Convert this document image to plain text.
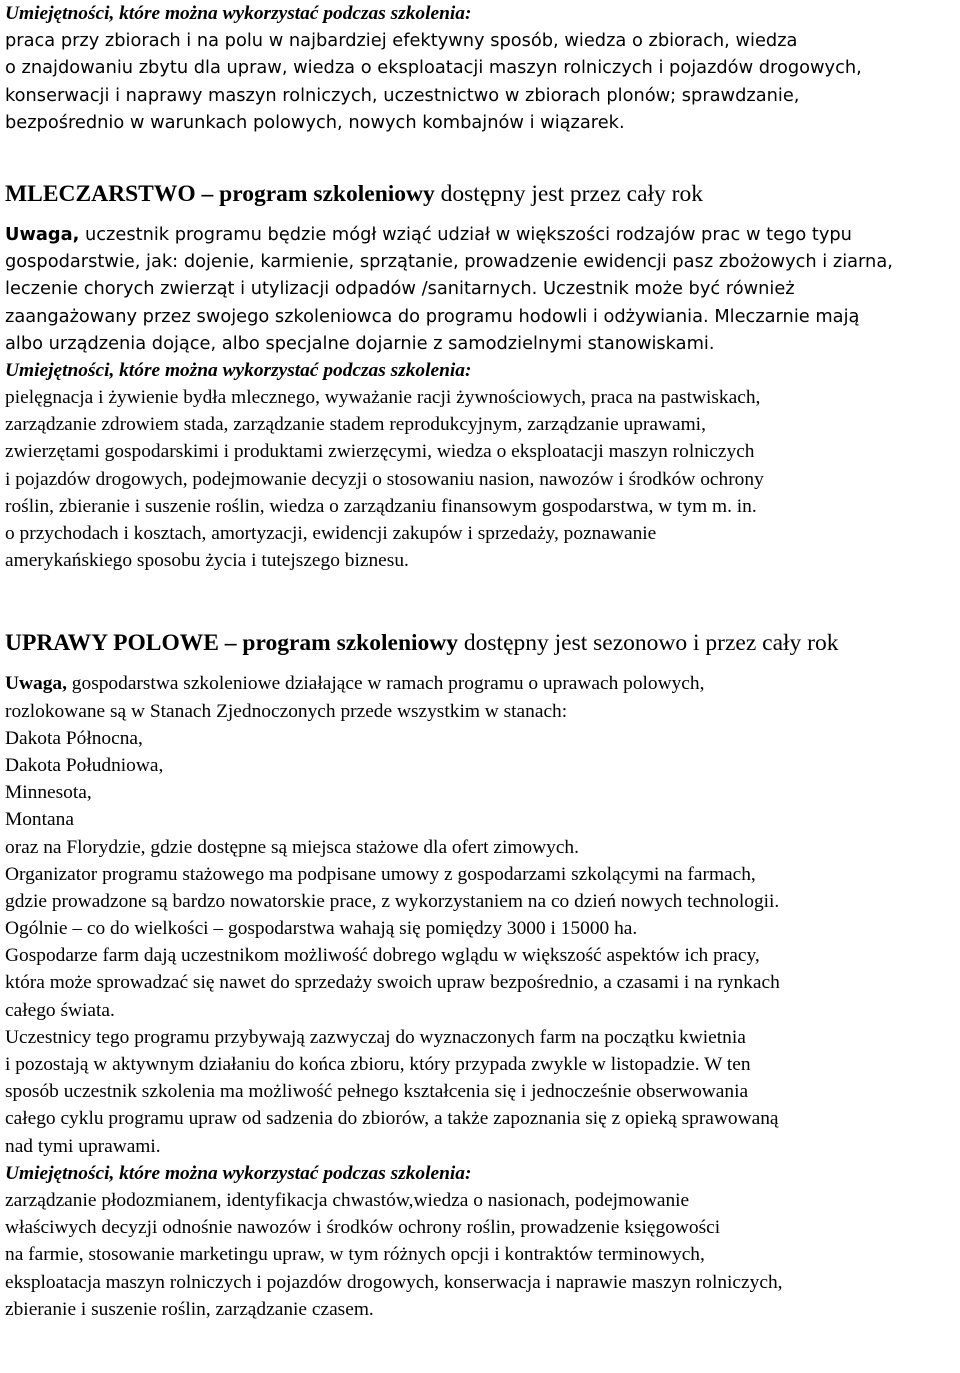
Umiejętności, które można wykorzystać podczas szkolenia:
praca przy zbiorach i na polu w najbardziej efektywny sposób, wiedza o zbiorach, wiedza
o znajdowaniu zbytu dla upraw, wiedza o eksploatacji maszyn rolniczych i pojazdów drogowych,
konserwacji i naprawy maszyn rolniczych, uczestnictwo w zbiorach plonów; sprawdzanie,
bezpośrednio w warunkach polowych, nowych kombajnów i wiązarek.
MLECZARSTWO – program szkoleniowy dostępny jest przez cały rok
Uwaga, uczestnik programu będzie mógł wziąć udział w większości rodzajów prac w tego typu
gospodarstwie, jak: dojenie, karmienie, sprzątanie, prowadzenie ewidencji pasz zbożowych i ziarna,
leczenie chorych zwierząt i utylizacji odpadów /sanitarnych. Uczestnik może być również
zaangażowany przez swojego szkoleniowca do programu hodowli i odżywiania. Mleczarnie mają
albo urządzenia dojące, albo specjalne dojarnie z samodzielnymi stanowiskami.
Umiejętności, które można wykorzystać podczas szkolenia:
pielęgnacja i żywienie bydła mlecznego, wyważanie racji żywnościowych, praca na pastwiskach,
zarządzanie zdrowiem stada, zarządzanie stadem reprodukcyjnym, zarządzanie uprawami,
zwierzętami gospodarskimi i produktami zwierzęcymi, wiedza o eksploatacji maszyn rolniczych
i pojazdów drogowych, podejmowanie decyzji o stosowaniu nasion, nawozów i środków ochrony
roślin, zbieranie i suszenie roślin, wiedza o zarządzaniu finansowym gospodarstwa, w tym m. in.
o przychodach i kosztach, amortyzacji, ewidencji zakupów i sprzedaży, poznawanie
amerykańskiego sposobu życia i tutejszego biznesu.
UPRAWY POLOWE – program szkoleniowy dostępny jest sezonowo i przez cały rok
Uwaga, gospodarstwa szkoleniowe działające w ramach programu o uprawach polowych,
rozlokowane są w Stanach Zjednoczonych przede wszystkim w stanach:
Dakota Północna,
Dakota Południowa,
Minnesota,
Montana
oraz na Florydzie, gdzie dostępne są miejsca stażowe dla ofert zimowych.
Organizator programu stażowego ma podpisane umowy z gospodarzami szkolącymi na farmach,
gdzie prowadzone są bardzo nowatorskie prace, z wykorzystaniem na co dzień nowych technologii.
Ogólnie – co do wielkości – gospodarstwa wahają się pomiędzy 3000 i 15000 ha.
Gospodarze farm dają uczestnikom możliwość dobrego wglądu w większość aspektów ich pracy,
która może sprowadzać się nawet do sprzedaży swoich upraw bezpośrednio, a czasami i na rynkach
całego świata.
Uczestnicy tego programu przybywają zazwyczaj do wyznaczonych farm na początku kwietnia
i pozostają w aktywnym działaniu do końca zbioru, który przypada zwykle w listopadzie. W ten
sposób uczestnik szkolenia ma możliwość pełnego kształcenia się i jednocześnie obserwowania
całego cyklu programu upraw od sadzenia do zbiorów, a także zapoznania się z opieką sprawowaną
nad tymi uprawami.
Umiejętności, które można wykorzystać podczas szkolenia:
zarządzanie płodozmianem, identyfikacja chwastów,wiedza o nasionach, podejmowanie
właściwych decyzji odnośnie nawozów i środków ochrony roślin, prowadzenie księgowości
na farmie, stosowanie marketingu upraw, w tym różnych opcji i kontraktów terminowych,
eksploatacja maszyn rolniczych i pojazdów drogowych, konserwacja i naprawie maszyn rolniczych,
zbieranie i suszenie roślin, zarządzanie czasem.
